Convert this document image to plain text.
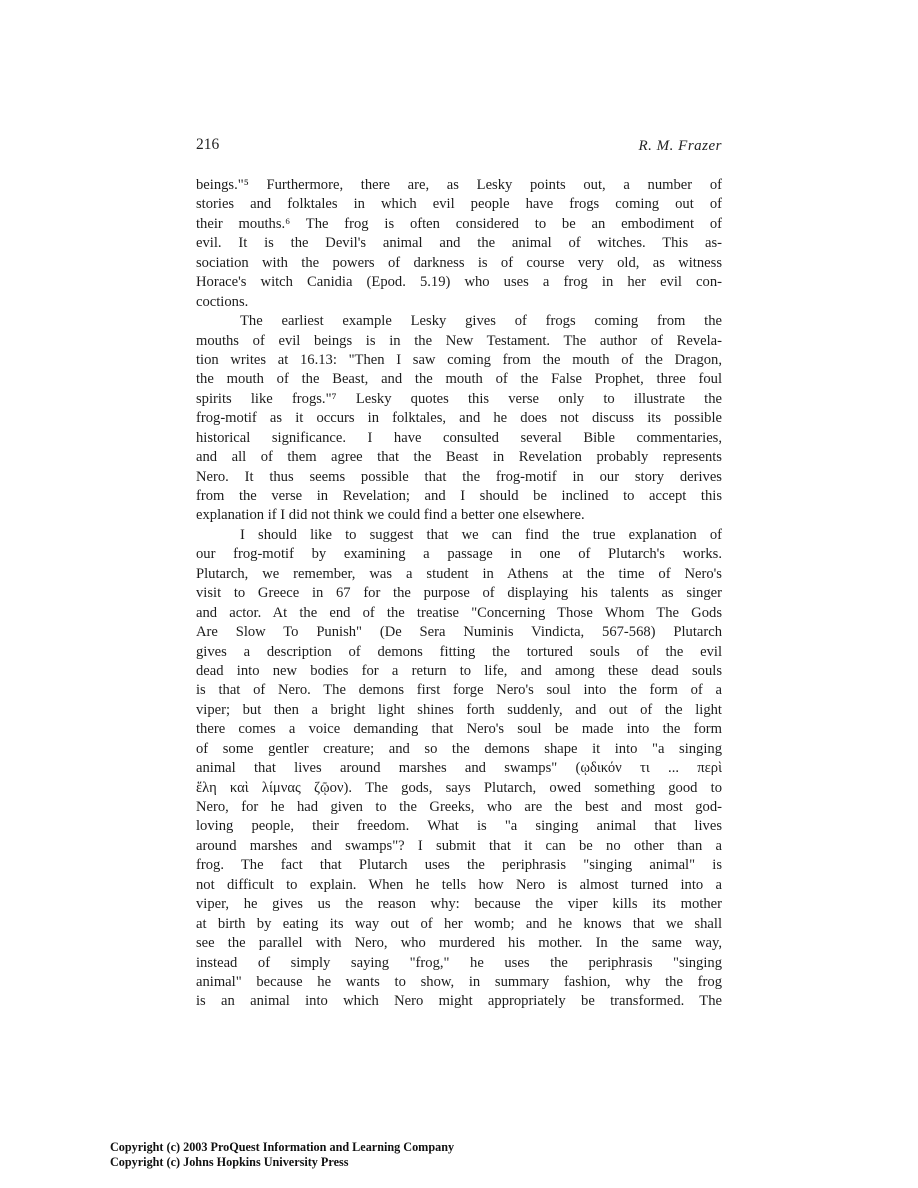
216	R. M. Frazer
beings."⁵ Furthermore, there are, as Lesky points out, a number of
stories and folktales in which evil people have frogs coming out of
their mouths.⁶ The frog is often considered to be an embodiment of
evil. It is the Devil's animal and the animal of witches. This as-
sociation with the powers of darkness is of course very old, as witness
Horace's witch Canidia (Epod. 5.19) who uses a frog in her evil con-
coctions.
The earliest example Lesky gives of frogs coming from the
mouths of evil beings is in the New Testament. The author of Revela-
tion writes at 16.13: "Then I saw coming from the mouth of the Dragon,
the mouth of the Beast, and the mouth of the False Prophet, three foul
spirits like frogs."⁷ Lesky quotes this verse only to illustrate the
frog-motif as it occurs in folktales, and he does not discuss its possible
historical significance. I have consulted several Bible commentaries,
and all of them agree that the Beast in Revelation probably represents
Nero. It thus seems possible that the frog-motif in our story derives
from the verse in Revelation; and I should be inclined to accept this
explanation if I did not think we could find a better one elsewhere.
I should like to suggest that we can find the true explanation of
our frog-motif by examining a passage in one of Plutarch's works.
Plutarch, we remember, was a student in Athens at the time of Nero's
visit to Greece in 67 for the purpose of displaying his talents as singer
and actor. At the end of the treatise "Concerning Those Whom The Gods
Are Slow To Punish" (De Sera Numinis Vindicta, 567-568) Plutarch
gives a description of demons fitting the tortured souls of the evil
dead into new bodies for a return to life, and among these dead souls
is that of Nero. The demons first forge Nero's soul into the form of a
viper; but then a bright light shines forth suddenly, and out of the light
there comes a voice demanding that Nero's soul be made into the form
of some gentler creature; and so the demons shape it into "a singing
animal that lives around marshes and swamps" (ῳδικόν τι ... περὶ
ἕλη καὶ λίμνας ζῷον). The gods, says Plutarch, owed something good to
Nero, for he had given to the Greeks, who are the best and most god-
loving people, their freedom. What is "a singing animal that lives
around marshes and swamps"? I submit that it can be no other than a
frog. The fact that Plutarch uses the periphrasis "singing animal" is
not difficult to explain. When he tells how Nero is almost turned into a
viper, he gives us the reason why: because the viper kills its mother
at birth by eating its way out of her womb; and he knows that we shall
see the parallel with Nero, who murdered his mother. In the same way,
instead of simply saying "frog," he uses the periphrasis "singing
animal" because he wants to show, in summary fashion, why the frog
is an animal into which Nero might appropriately be transformed. The
Copyright (c) 2003 ProQuest Information and Learning Company
Copyright (c) Johns Hopkins University Press
